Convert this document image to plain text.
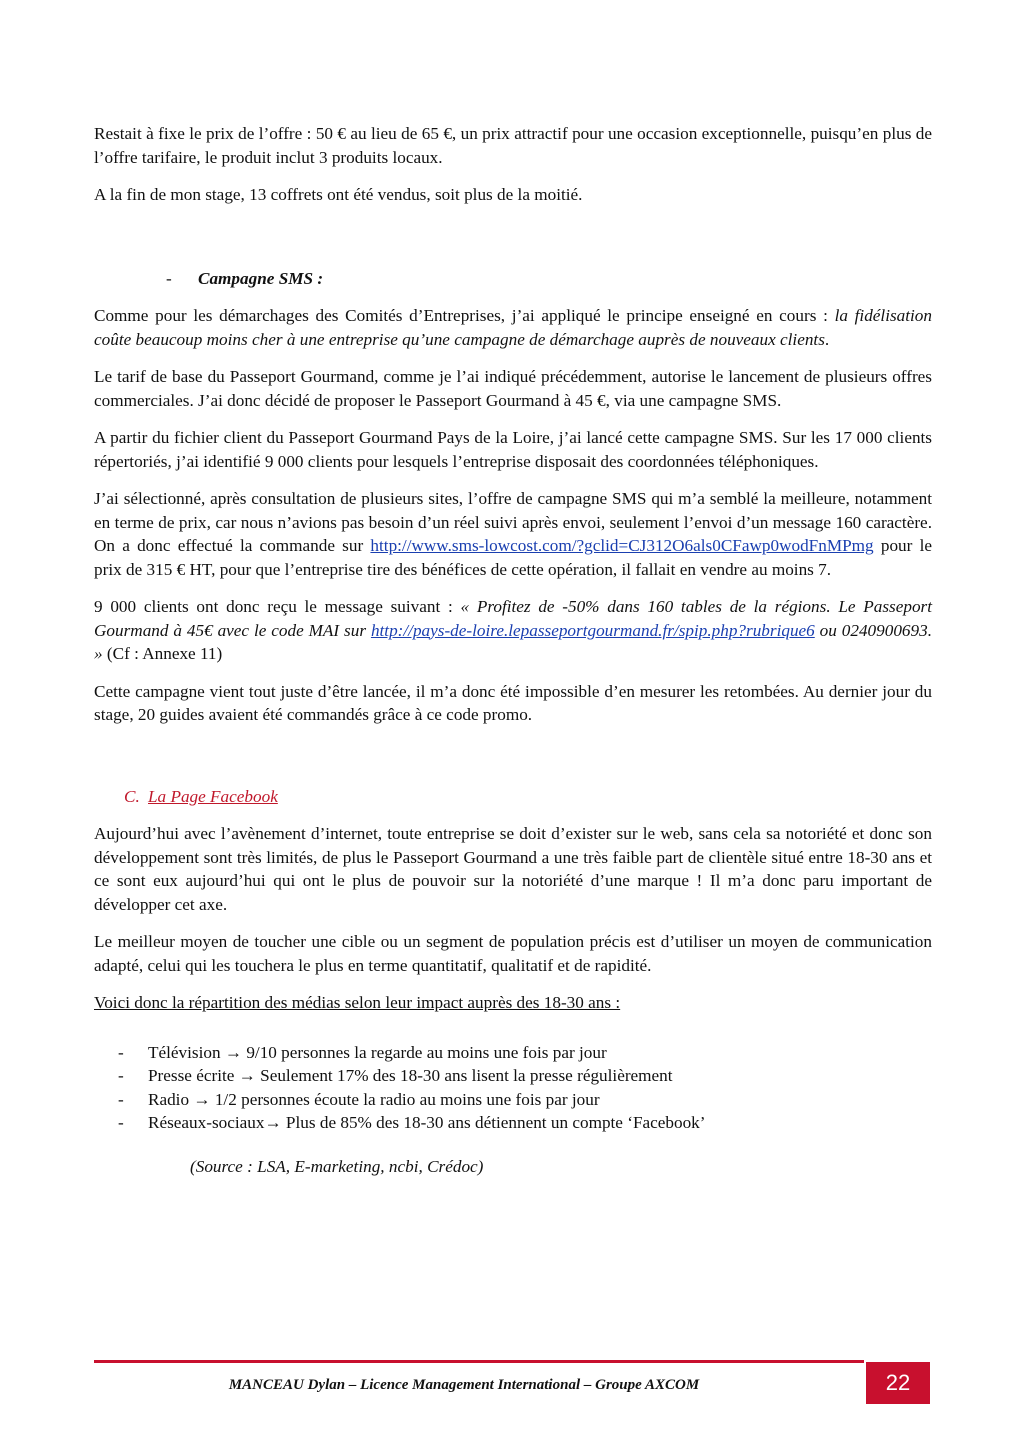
Restait à fixe le prix de l’offre : 50 € au lieu de 65 €, un prix attractif pour une occasion exceptionnelle, puisqu’en plus de l’offre tarifaire, le produit inclut 3 produits locaux.

A la fin de mon stage, 13 coffrets ont été vendus, soit plus de la moitié.

- Campagne SMS :

Comme pour les démarchages des Comités d’Entreprises, j’ai appliqué le principe enseigné en cours : la fidélisation coûte beaucoup moins cher à une entreprise qu’une campagne de démarchage auprès de nouveaux clients.

Le tarif de base du Passeport Gourmand, comme je l’ai indiqué précédemment, autorise le lancement de plusieurs offres commerciales. J’ai donc décidé de proposer le Passeport Gourmand à 45 €, via une campagne SMS.

A partir du fichier client du Passeport Gourmand Pays de la Loire, j’ai lancé cette campagne SMS. Sur les 17 000 clients répertoriés, j’ai identifié 9 000 clients pour lesquels l’entreprise disposait des coordonnées téléphoniques.

J’ai sélectionné, après consultation de plusieurs sites, l’offre de campagne SMS qui m’a semblé la meilleure, notamment en terme de prix, car nous n’avions pas besoin d’un réel suivi après envoi, seulement l’envoi d’un message 160 caractère. On a donc effectué la commande sur http://www.sms-lowcost.com/?gclid=CJ312O6als0CFawp0wodFnMPmg pour le prix de 315 € HT, pour que l’entreprise tire des bénéfices de cette opération, il fallait en vendre au moins 7.

9 000 clients ont donc reçu le message suivant : « Profitez de -50% dans 160 tables de la régions. Le Passeport Gourmand à 45€ avec le code MAI sur http://pays-de-loire.lepasseportgourmand.fr/spip.php?rubrique6 ou 0240900693. » (Cf : Annexe 11)

Cette campagne vient tout juste d’être lancée, il m’a donc été impossible d’en mesurer les retombées. Au dernier jour du stage, 20 guides avaient été commandés grâce à ce code promo.

C. La Page Facebook

Aujourd’hui avec l’avènement d’internet, toute entreprise se doit d’exister sur le web, sans cela sa notoriété et donc son développement sont très limités, de plus le Passeport Gourmand a une très faible part de clientèle situé entre 18-30 ans et ce sont eux aujourd’hui qui ont le plus de pouvoir sur la notoriété d’une marque ! Il m’a donc paru important de développer cet axe.

Le meilleur moyen de toucher une cible ou un segment de population précis est d’utiliser un moyen de communication adapté, celui qui les touchera le plus en terme quantitatif, qualitatif et de rapidité.

Voici donc la répartition des médias selon leur impact auprès des 18-30 ans :

- Télévision → 9/10 personnes la regarde au moins une fois par jour
- Presse écrite → Seulement 17% des 18-30 ans lisent la presse régulièrement
- Radio → 1/2 personnes écoute la radio au moins une fois par jour
- Réseaux-sociaux→ Plus de 85% des 18-30 ans détiennent un compte ‘Facebook’
(Source : LSA, E-marketing, ncbi, Crédoc)
MANCEAU Dylan – Licence Management International – Groupe AXCOM	22
